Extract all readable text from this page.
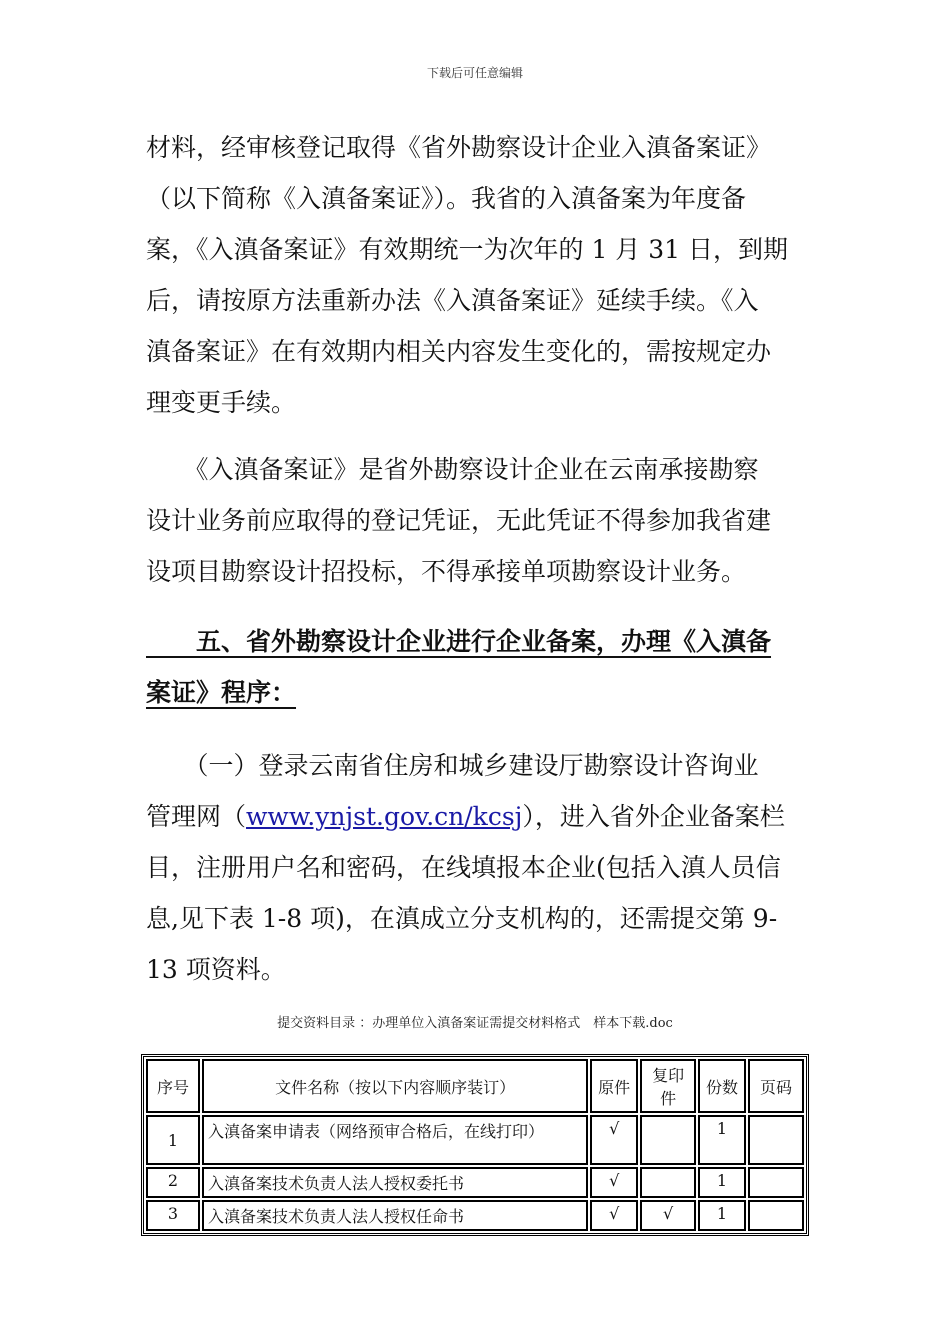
下载后可任意编辑
材料，经审核登记取得《省外勘察设计企业入滇备案证》
（以下简称《入滇备案证》）。我省的入滇备案为年度备
案，《入滇备案证》有效期统一为次年的 1 月 31 日，到期
后，请按原方法重新办法《入滇备案证》延续手续。《入
滇备案证》在有效期内相关内容发生变化的，需按规定办
理变更手续。
　　《入滇备案证》是省外勘察设计企业在云南承接勘察
设计业务前应取得的登记凭证，无此凭证不得参加我省建
设项目勘察设计招投标，不得承接单项勘察设计业务。
　　五、省外勘察设计企业进行企业备案，办理《入滇备
案证》程序：
　　（一）登录云南省住房和城乡建设厅勘察设计咨询业
管理网（www.ynjst.gov.cn/kcsj），进入省外企业备案栏
目，注册用户名和密码，在线填报本企业(包括入滇人员信
息,见下表 1-8 项)，在滇成立分支机构的，还需提交第 9-
13 项资料。
提交资料目录 ：办理单位入滇备案证需提交材料格式　样本下载.doc
序号	文件名称（按以下内容顺序装订）	原件	复印件	份数	页码
1	入滇备案申请表（网络预审合格后，在线打印）	√		1	
2	入滇备案技术负责人法人授权委托书	√		1	
3	入滇备案技术负责人法人授权任命书	√	√	1	
